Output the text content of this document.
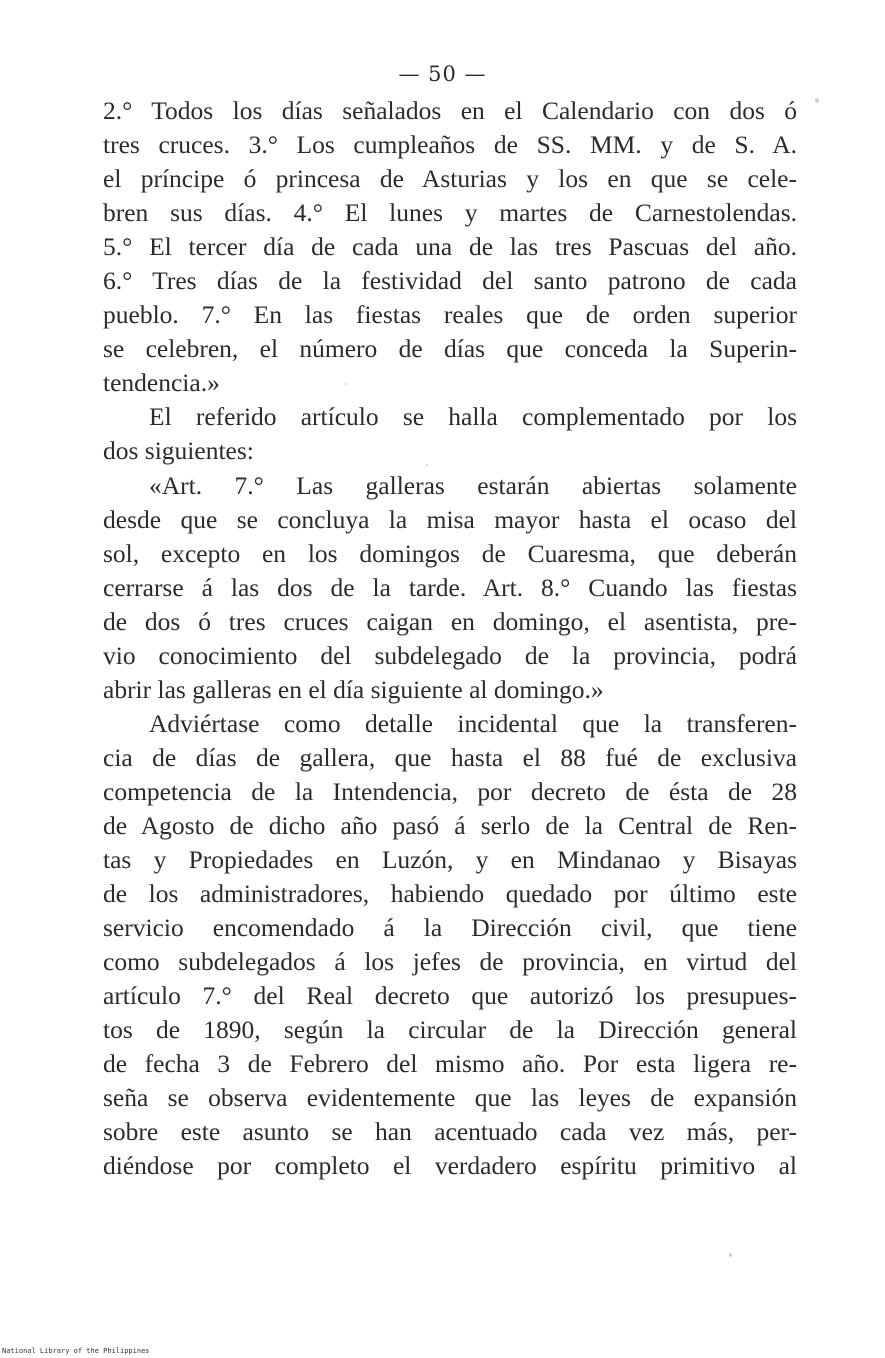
— 50 —
2.° Todos los días señalados en el Calendario con dos ó
tres cruces. 3.° Los cumpleaños de SS. MM. y de S. A.
el príncipe ó princesa de Asturias y los en que se cele-
bren sus días. 4.° El lunes y martes de Carnestolendas.
5.° El tercer día de cada una de las tres Pascuas del año.
6.° Tres días de la festividad del santo patrono de cada
pueblo. 7.° En las fiestas reales que de orden superior
se celebren, el número de días que conceda la Superin-
tendencia.»
El referido artículo se halla complementado por los
dos siguientes:
«Art. 7.° Las galleras estarán abiertas solamente
desde que se concluya la misa mayor hasta el ocaso del
sol, excepto en los domingos de Cuaresma, que deberán
cerrarse á las dos de la tarde. Art. 8.° Cuando las fiestas
de dos ó tres cruces caigan en domingo, el asentista, pre-
vio conocimiento del subdelegado de la provincia, podrá
abrir las galleras en el día siguiente al domingo.»
Adviértase como detalle incidental que la transferen-
cia de días de gallera, que hasta el 88 fué de exclusiva
competencia de la Intendencia, por decreto de ésta de 28
de Agosto de dicho año pasó á serlo de la Central de Ren-
tas y Propiedades en Luzón, y en Mindanao y Bisayas
de los administradores, habiendo quedado por último este
servicio encomendado á la Dirección civil, que tiene
como subdelegados á los jefes de provincia, en virtud del
artículo 7.° del Real decreto que autorizó los presupues-
tos de 1890, según la circular de la Dirección general
de fecha 3 de Febrero del mismo año. Por esta ligera re-
seña se observa evidentemente que las leyes de expansión
sobre este asunto se han acentuado cada vez más, per-
diéndose por completo el verdadero espíritu primitivo al
National Library of the Philippines
